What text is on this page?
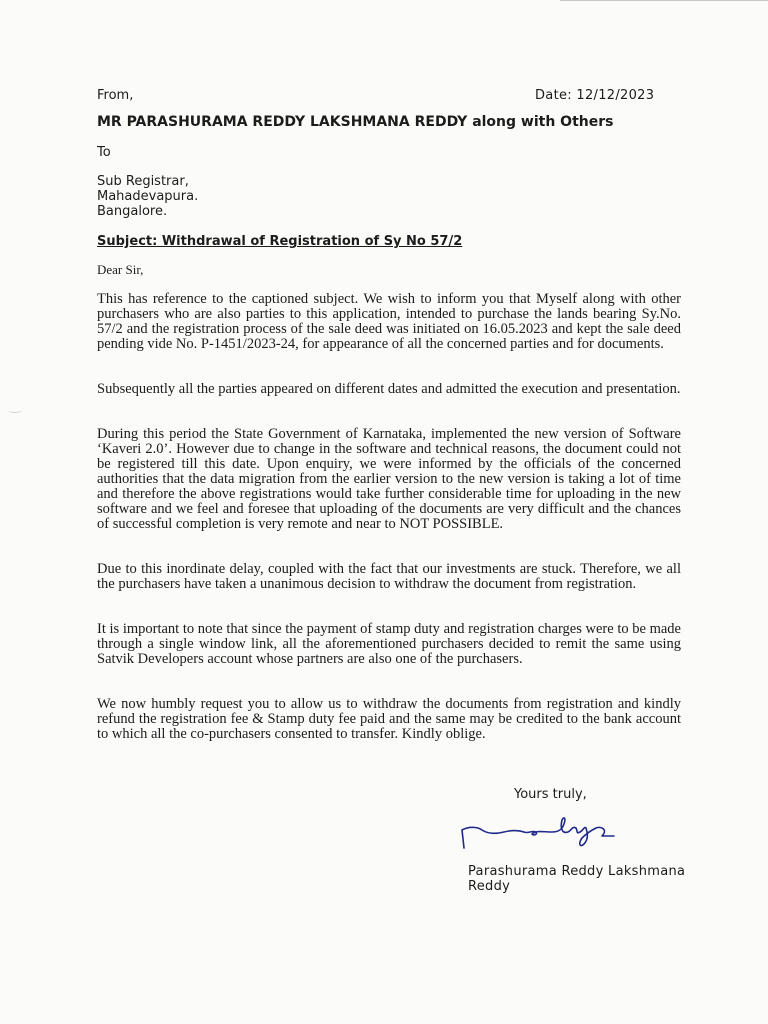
From,	Date: 12/12/2023
MR PARASHURAMA REDDY LAKSHMANA REDDY along with Others
To
Sub Registrar,
Mahadevapura.
Bangalore.
Subject: Withdrawal of Registration of Sy No 57/2
Dear Sir,
This has reference to the captioned subject. We wish to inform you that Myself along with other purchasers who are also parties to this application, intended to purchase the lands bearing Sy.No. 57/2 and the registration process of the sale deed was initiated on 16.05.2023 and kept the sale deed pending vide No. P-1451/2023-24, for appearance of all the concerned parties and for documents.
Subsequently all the parties appeared on different dates and admitted the execution and presentation.
During this period the State Government of Karnataka, implemented the new version of Software ‘Kaveri 2.0’. However due to change in the software and technical reasons, the document could not be registered till this date. Upon enquiry, we were informed by the officials of the concerned authorities that the data migration from the earlier version to the new version is taking a lot of time and therefore the above registrations would take further considerable time for uploading in the new software and we feel and foresee that uploading of the documents are very difficult and the chances of successful completion is very remote and near to NOT POSSIBLE.
Due to this inordinate delay, coupled with the fact that our investments are stuck. Therefore, we all the purchasers have taken a unanimous decision to withdraw the document from registration.
It is important to note that since the payment of stamp duty and registration charges were to be made through a single window link, all the aforementioned purchasers decided to remit the same using Satvik Developers account whose partners are also one of the purchasers.
We now humbly request you to allow us to withdraw the documents from registration and kindly refund the registration fee & Stamp duty fee paid and the same may be credited to the bank account to which all the co-purchasers consented to transfer. Kindly oblige.
Yours truly,
Parashurama Reddy Lakshmana Reddy
